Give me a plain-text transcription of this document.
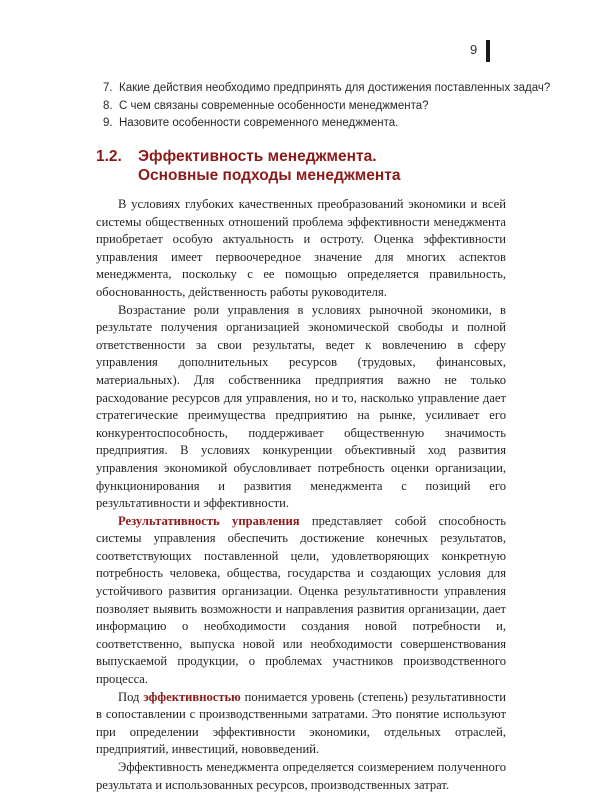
9
7. Какие действия необходимо предпринять для достижения поставленных задач?
8. С чем связаны современные особенности менеджмента?
9. Назовите особенности современного менеджмента.
1.2. Эффективность менеджмента.
Основные подходы менеджмента

В условиях глубоких качественных преобразований экономики и всей системы общественных отношений проблема эффективности менеджмента приобретает особую актуальность и остроту. Оценка эффективности управления имеет первоочередное значение для многих аспектов менеджмента, поскольку с ее помощью определяется правильность, обоснованность, действенность работы руководителя.

Возрастание роли управления в условиях рыночной экономики, в результате получения организацией экономической свободы и полной ответственности за свои результаты, ведет к вовлечению в сферу управления дополнительных ресурсов (трудовых, финансовых, материальных). Для собственника предприятия важно не только расходование ресурсов для управления, но и то, насколько управление дает стратегические преимущества предприятию на рынке, усиливает его конкурентоспособность, поддерживает общественную значимость предприятия. В условиях конкуренции объективный ход развития управления экономикой обусловливает потребность оценки организации, функционирования и развития менеджмента с позиций его результативности и эффективности.

Результативность управления представляет собой способность системы управления обеспечить достижение конечных результатов, соответствующих поставленной цели, удовлетворяющих конкретную потребность человека, общества, государства и создающих условия для устойчивого развития организации. Оценка результативности управления позволяет выявить возможности и направления развития организации, дает информацию о необходимости создания новой потребности и, соответственно, выпуска новой или необходимости совершенствования выпускаемой продукции, о проблемах участников производственного процесса.

Под эффективностью понимается уровень (степень) результативности в сопоставлении с производственными затратами. Это понятие используют при определении эффективности экономики, отдельных отраслей, предприятий, инвестиций, нововведений.

Эффективность менеджмента определяется соизмерением полученного результата и использованных ресурсов, производственных затрат.
